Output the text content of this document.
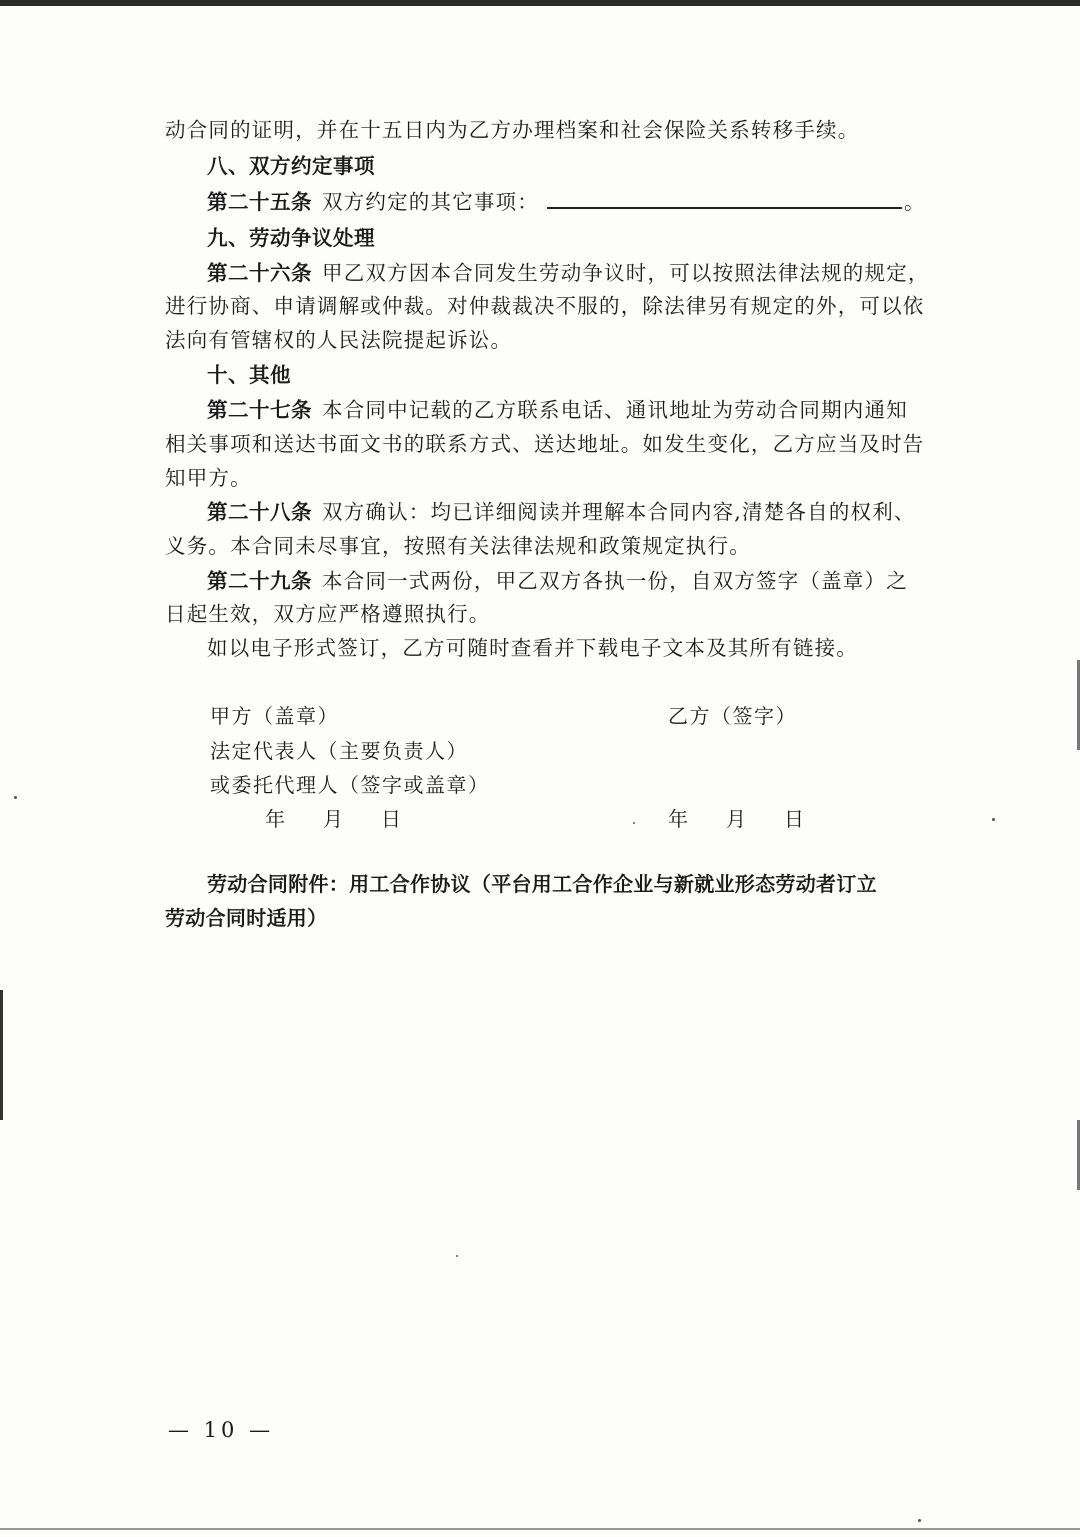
动合同的证明，并在十五日内为乙方办理档案和社会保险关系转移手续。
八、双方约定事项
第二十五条 双方约定的其它事项：	。
九、劳动争议处理
第二十六条 甲乙双方因本合同发生劳动争议时，可以按照法律法规的规定，
进行协商、申请调解或仲裁。对仲裁裁决不服的，除法律另有规定的外，可以依
法向有管辖权的人民法院提起诉讼。
十、其他
第二十七条 本合同中记载的乙方联系电话、通讯地址为劳动合同期内通知
相关事项和送达书面文书的联系方式、送达地址。如发生变化，乙方应当及时告
知甲方。
第二十八条 双方确认：均已详细阅读并理解本合同内容,清楚各自的权利、
义务。本合同未尽事宜，按照有关法律法规和政策规定执行。
第二十九条 本合同一式两份，甲乙双方各执一份，自双方签字（盖章）之
日起生效，双方应严格遵照执行。
如以电子形式签订，乙方可随时查看并下载电子文本及其所有链接。
甲方（盖章）	乙方（签字）
法定代表人（主要负责人）
或委托代理人（签字或盖章）
年 月 日	年 月 日
劳动合同附件：用工合作协议（平台用工合作企业与新就业形态劳动者订立
劳动合同时适用）
— 10 —
